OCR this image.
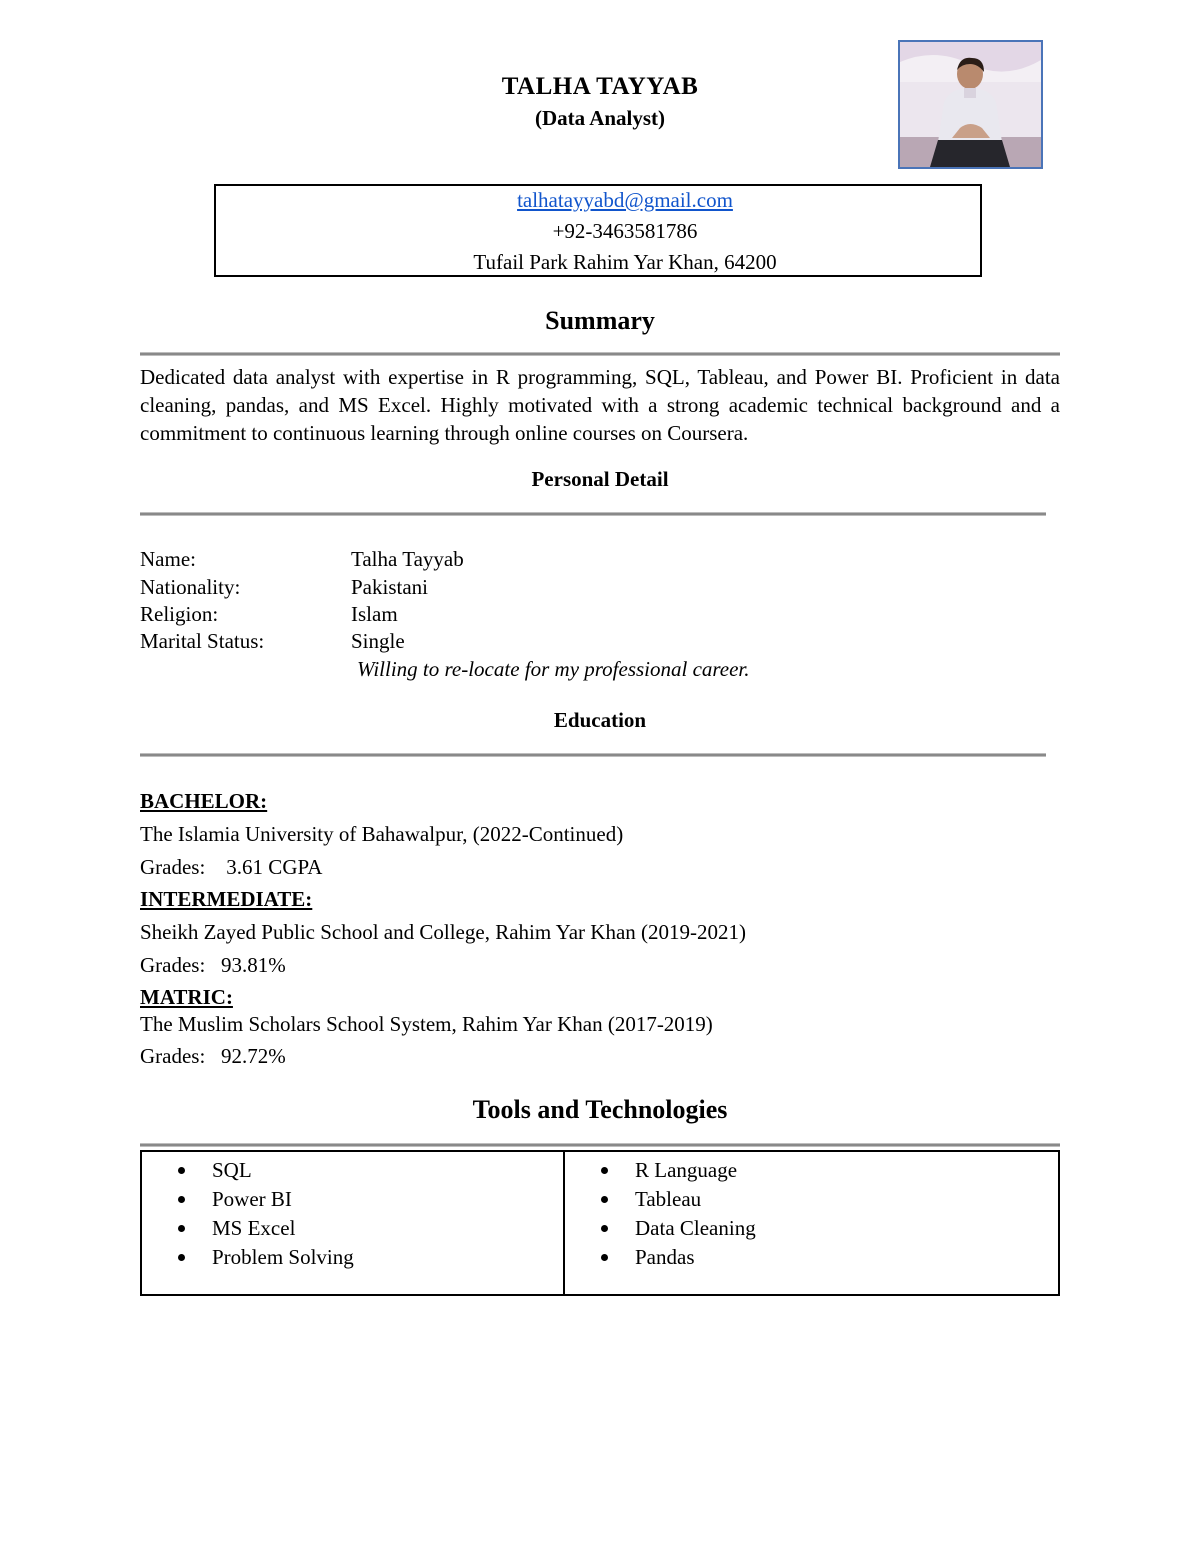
TALHA TAYYAB
(Data Analyst)
talhatayyabd@gmail.com
+92-3463581786
Tufail Park Rahim Yar Khan, 64200
Summary
Dedicated data analyst with expertise in R programming, SQL, Tableau, and Power BI. Proficient in data cleaning, pandas, and MS Excel. Highly motivated with a strong academic technical background and a commitment to continuous learning through online courses on Coursera.
Personal Detail
Name:	Talha Tayyab
Nationality:	Pakistani
Religion:	Islam
Marital Status:	Single
Willing to re-locate for my professional career.
Education
BACHELOR:
The Islamia University of Bahawalpur, (2022-Continued)
Grades:    3.61 CGPA
INTERMEDIATE:
Sheikh Zayed Public School and College, Rahim Yar Khan (2019-2021)
Grades:   93.81%
MATRIC:
The Muslim Scholars School System, Rahim Yar Khan (2017-2019)
Grades:   92.72%
Tools and Technologies
SQL
Power BI
MS Excel
Problem Solving
R Language
Tableau
Data Cleaning
Pandas
